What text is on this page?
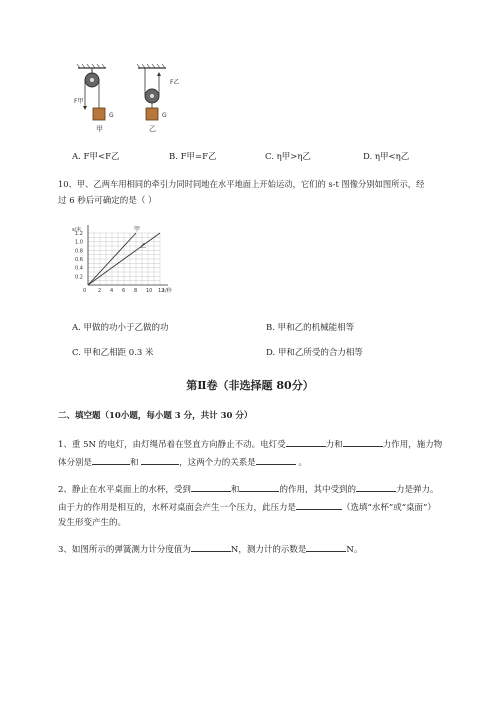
F甲
G
甲
F乙
G
乙
A. F甲<F乙	B. F甲=F乙	C. η甲>η乙	D. η甲<η乙
10、甲、乙两车用相同的牵引力同时同地在水平地面上开始运动，它们的 s-t 图像分别如图所示，经
过 6 秒后可确定的是（ ）
0 2 4 6 8 10 12
0.2
0.4
0.6
0.8
1.0
1.2
t/秒
s/米	甲
乙
A. 甲做的功小于乙做的功	B. 甲和乙的机械能相等
C. 甲和乙相距 0.3 米	D. 甲和乙所受的合力相等
第Ⅱ卷（非选择题 80分）
二、填空题（10小题，每小题 3 分，共计 30 分）
1、重 5N 的电灯，由灯绳吊着在竖直方向静止不动。电灯受	力和	力作用，施力物
体分别是	和	，这两个力的关系是	。
2、静止在水平桌面上的水杯，受到	和	的作用，其中受到的	力是弹力。
由于力的作用是相互的，水杯对桌面会产生一个压力，此压力是	（选填“水杯”或“桌面”）
发生形变产生的。
3、如图所示的弹簧测力计分度值为	N，测力计的示数是	N。
